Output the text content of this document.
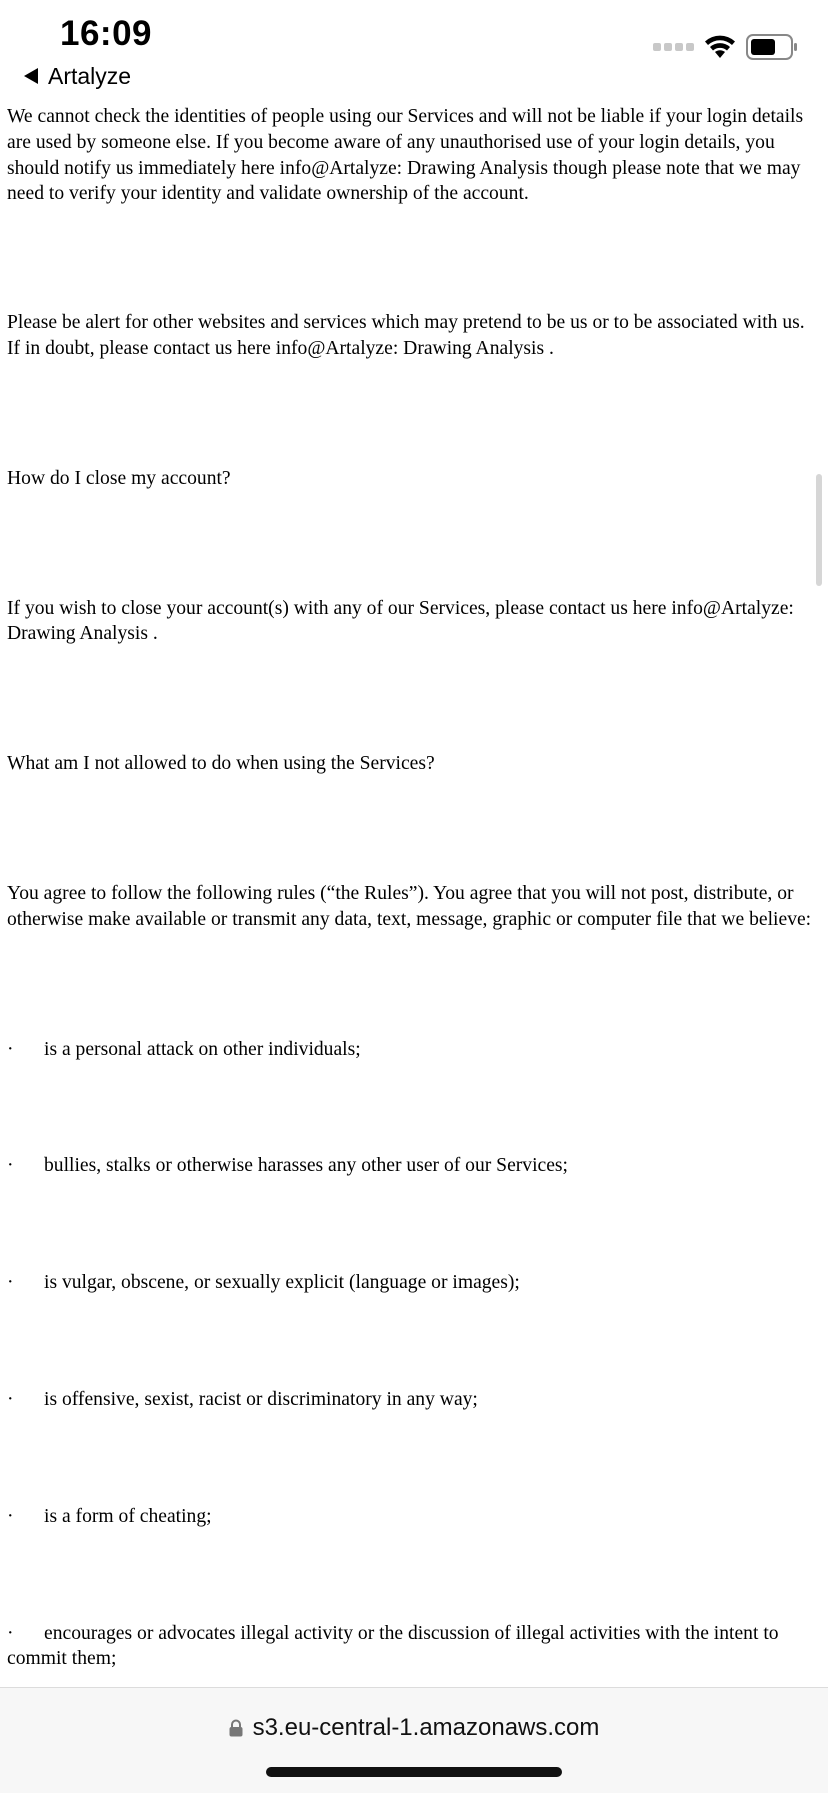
16:09
Artalyze

We cannot check the identities of people using our Services and will not be liable if your login details are used by someone else. If you become aware of any unauthorised use of your login details, you should notify us immediately here info@Artalyze: Drawing Analysis though please note that we may need to verify your identity and validate ownership of the account.

Please be alert for other websites and services which may pretend to be us or to be associated with us. If in doubt, please contact us here info@Artalyze: Drawing Analysis .

How do I close my account?

If you wish to close your account(s) with any of our Services, please contact us here info@Artalyze: Drawing Analysis .

What am I not allowed to do when using the Services?

You agree to follow the following rules (“the Rules”). You agree that you will not post, distribute, or otherwise make available or transmit any data, text, message, graphic or computer file that we believe:

· is a personal attack on other individuals;

· bullies, stalks or otherwise harasses any other user of our Services;

· is vulgar, obscene, or sexually explicit (language or images);

· is offensive, sexist, racist or discriminatory in any way;

· is a form of cheating;

· encourages or advocates illegal activity or the discussion of illegal activities with the intent to commit them;

s3.eu-central-1.amazonaws.com
